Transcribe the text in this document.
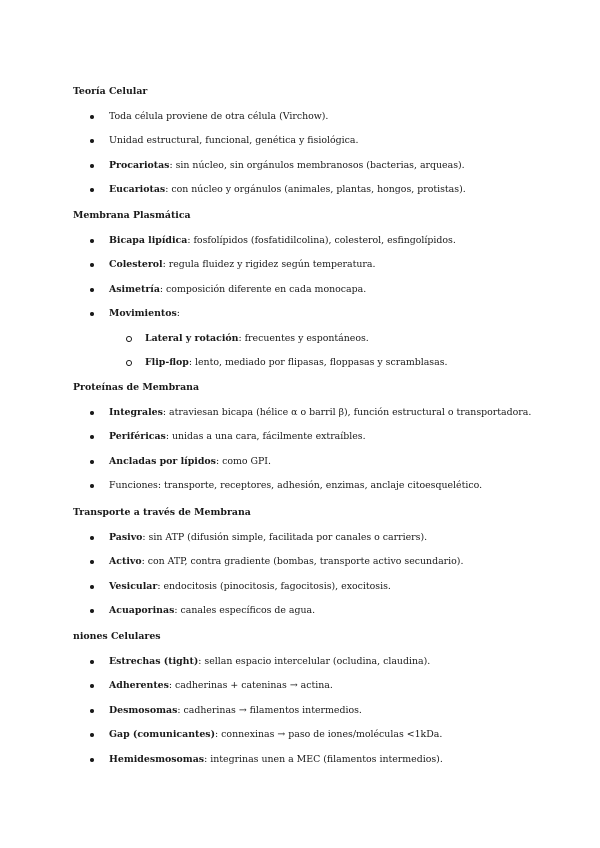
Teoría Celular
Toda célula proviene de otra célula (Virchow).
Unidad estructural, funcional, genética y fisiológica.
Procariotas: sin núcleo, sin orgánulos membranosos (bacterias, arqueas).
Eucariotas: con núcleo y orgánulos (animales, plantas, hongos, protistas).
Membrana Plasmática
Bicapa lipídica: fosfolípidos (fosfatidilcolina), colesterol, esfingolípidos.
Colesterol: regula fluidez y rigidez según temperatura.
Asimetría: composición diferente en cada monocapa.
Movimientos:
Lateral y rotación: frecuentes y espontáneos.
Flip-flop: lento, mediado por flipasas, floppasas y scramblasas.
Proteínas de Membrana
Integrales: atraviesan bicapa (hélice α o barril β), función estructural o transportadora.
Periféricas: unidas a una cara, fácilmente extraíbles.
Ancladas por lípidos: como GPI.
Funciones: transporte, receptores, adhesión, enzimas, anclaje citoesquelético.
Transporte a través de Membrana
Pasivo: sin ATP (difusión simple, facilitada por canales o carriers).
Activo: con ATP, contra gradiente (bombas, transporte activo secundario).
Vesicular: endocitosis (pinocitosis, fagocitosis), exocitosis.
Acuaporinas: canales específicos de agua.
niones Celulares
Estrechas (tight): sellan espacio intercelular (ocludina, claudina).
Adherentes: cadherinas + cateninas → actina.
Desmosomas: cadherinas → filamentos intermedios.
Gap (comunicantes): connexinas → paso de iones/moléculas <1kDa.
Hemidesmosomas: integrinas unen a MEC (filamentos intermedios).
